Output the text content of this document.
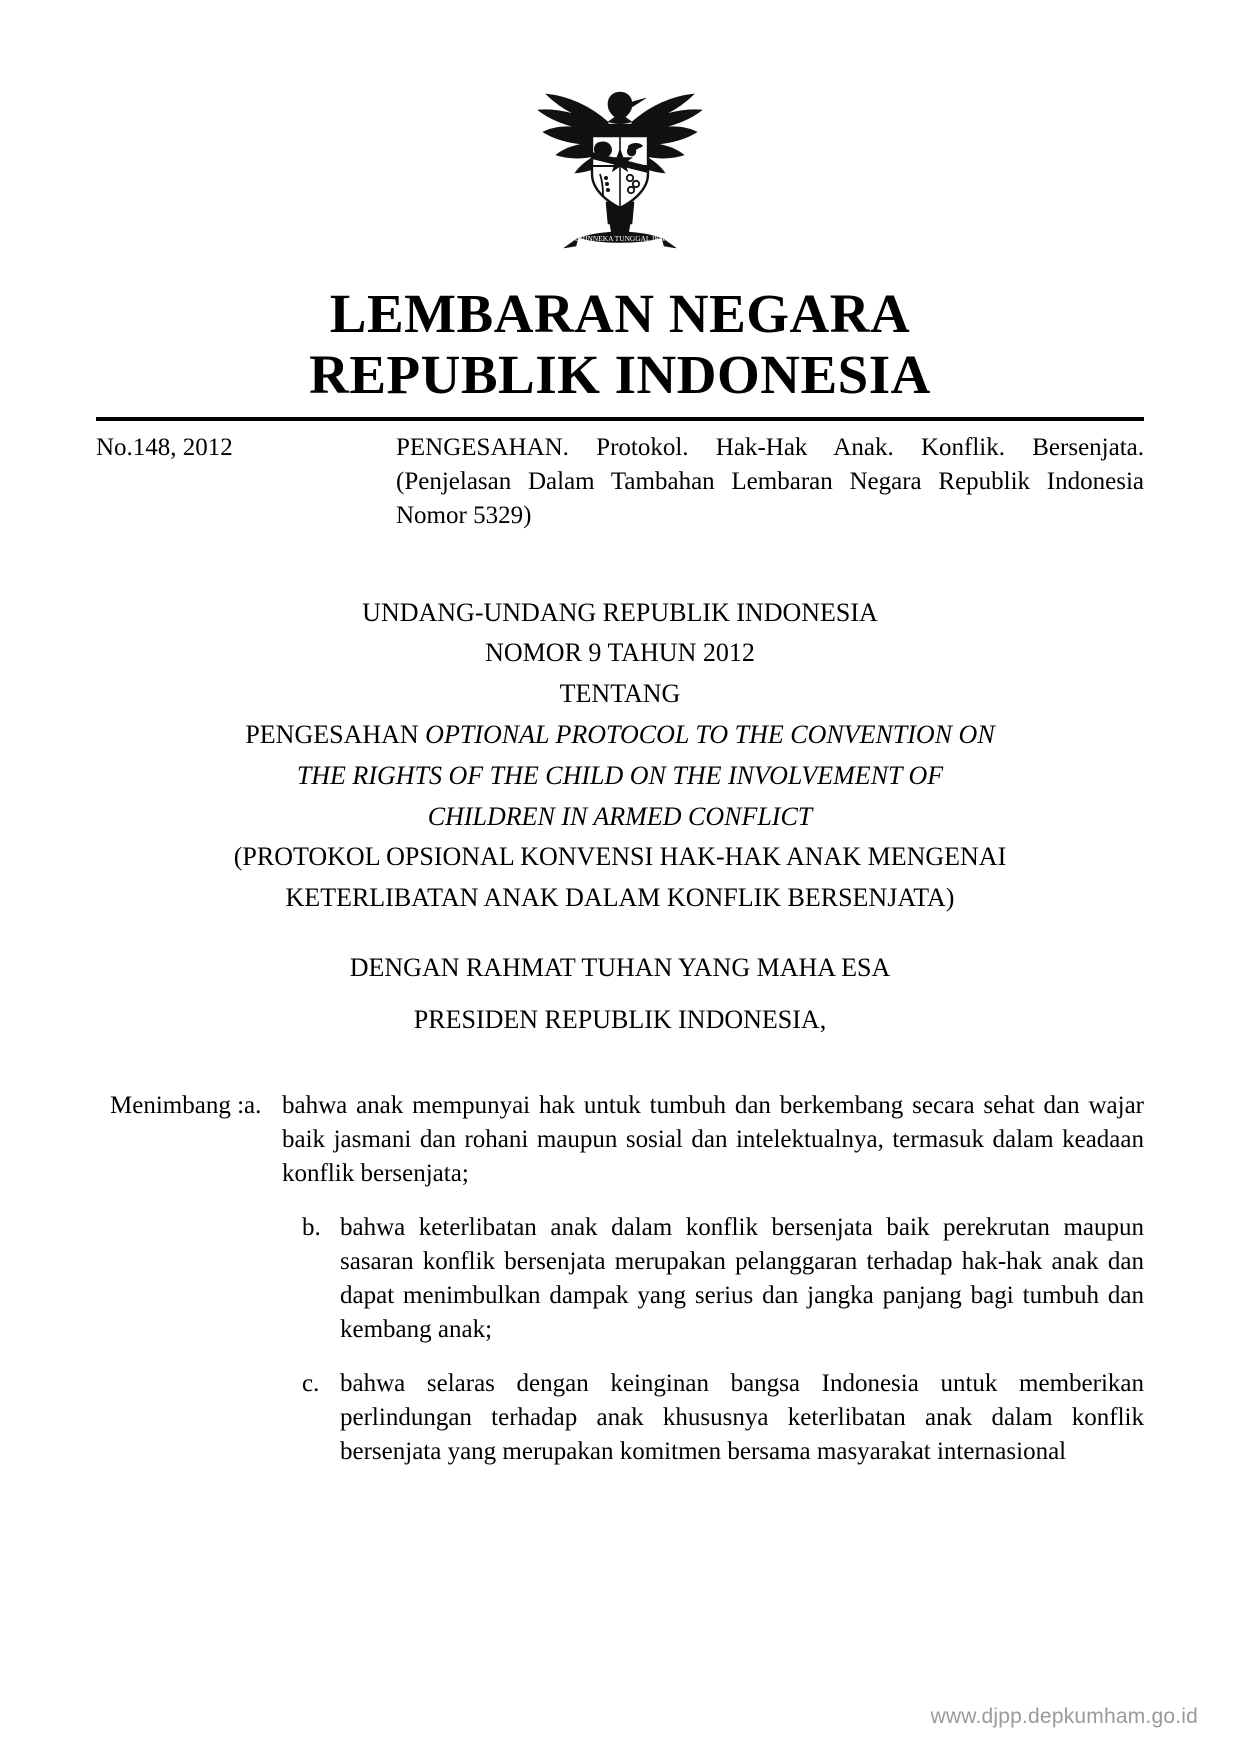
BHINNEKA TUNGGAL IKA
LEMBARAN NEGARA
REPUBLIK INDONESIA
No.148, 2012	PENGESAHAN. Protokol. Hak-Hak Anak. Konflik. Bersenjata. (Penjelasan Dalam Tambahan Lembaran Negara Republik Indonesia Nomor 5329)
UNDANG-UNDANG REPUBLIK INDONESIA
NOMOR 9 TAHUN 2012
TENTANG
PENGESAHAN OPTIONAL PROTOCOL TO THE CONVENTION ON
THE RIGHTS OF THE CHILD ON THE INVOLVEMENT OF
CHILDREN IN ARMED CONFLICT
(PROTOKOL OPSIONAL KONVENSI HAK-HAK ANAK MENGENAI
KETERLIBATAN ANAK DALAM KONFLIK BERSENJATA)
DENGAN RAHMAT TUHAN YANG MAHA ESA
PRESIDEN REPUBLIK INDONESIA,
Menimbang : a. bahwa anak mempunyai hak untuk tumbuh dan berkembang secara sehat dan wajar baik jasmani dan rohani maupun sosial dan intelektualnya, termasuk dalam keadaan konflik bersenjata;
b. bahwa keterlibatan anak dalam konflik bersenjata baik perekrutan maupun sasaran konflik bersenjata merupakan pelanggaran terhadap hak-hak anak dan dapat menimbulkan dampak yang serius dan jangka panjang bagi tumbuh dan kembang anak;
c. bahwa selaras dengan keinginan bangsa Indonesia untuk memberikan perlindungan terhadap anak khususnya keterlibatan anak dalam konflik bersenjata yang merupakan komitmen bersama masyarakat internasional
www.djpp.depkumham.go.id
